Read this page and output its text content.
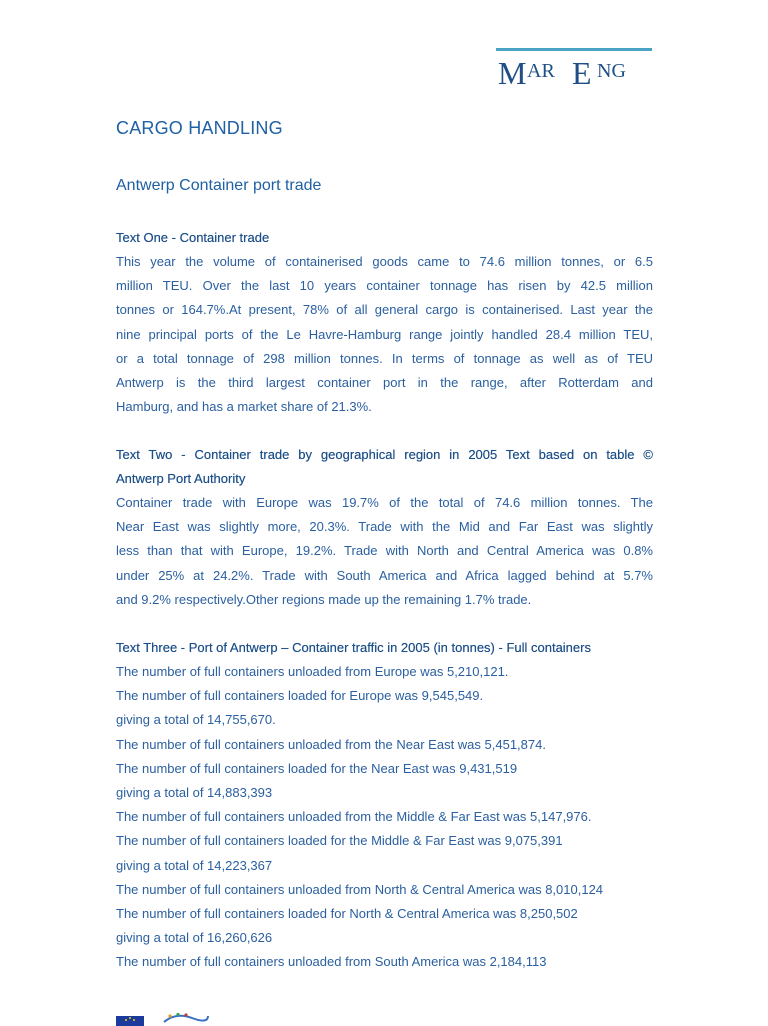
M AR E NG
CARGO HANDLING
Antwerp Container port trade
Text One - Container trade
This year the volume of containerised goods came to 74.6 million tonnes, or 6.5
million TEU. Over the last 10 years container tonnage has risen by 42.5 million
tonnes or 164.7%.At present, 78% of all general cargo is containerised. Last year the
nine principal ports of the Le Havre-Hamburg range jointly handled 28.4 million TEU,
or a total tonnage of 298 million tonnes. In terms of tonnage as well as of TEU
Antwerp is the third largest container port in the range, after Rotterdam and
Hamburg, and has a market share of 21.3%.
Text Two - Container trade by geographical region in 2005 Text based on table ©
Antwerp Port Authority
Container trade with Europe was 19.7% of the total of 74.6 million tonnes. The
Near East was slightly more, 20.3%. Trade with the Mid and Far East was slightly
less than that with Europe, 19.2%. Trade with North and Central America was 0.8%
under 25% at 24.2%. Trade with South America and Africa lagged behind at 5.7%
and 9.2% respectively.Other regions made up the remaining 1.7% trade.
Text Three - Port of Antwerp – Container traffic in 2005 (in tonnes) - Full containers
The number of full containers unloaded from Europe was 5,210,121.
The number of full containers loaded for Europe was 9,545,549.
giving a total of 14,755,670.
The number of full containers unloaded from the Near East was 5,451,874.
The number of full containers loaded for the Near East was 9,431,519
giving a total of 14,883,393
The number of full containers unloaded from the Middle & Far East was 5,147,976.
The number of full containers loaded for the Middle & Far East was 9,075,391
giving a total of 14,223,367
The number of full containers unloaded from North & Central America was 8,010,124
The number of full containers loaded for North & Central America was 8,250,502
giving a total of 16,260,626
The number of full containers unloaded from South America was 2,184,113
